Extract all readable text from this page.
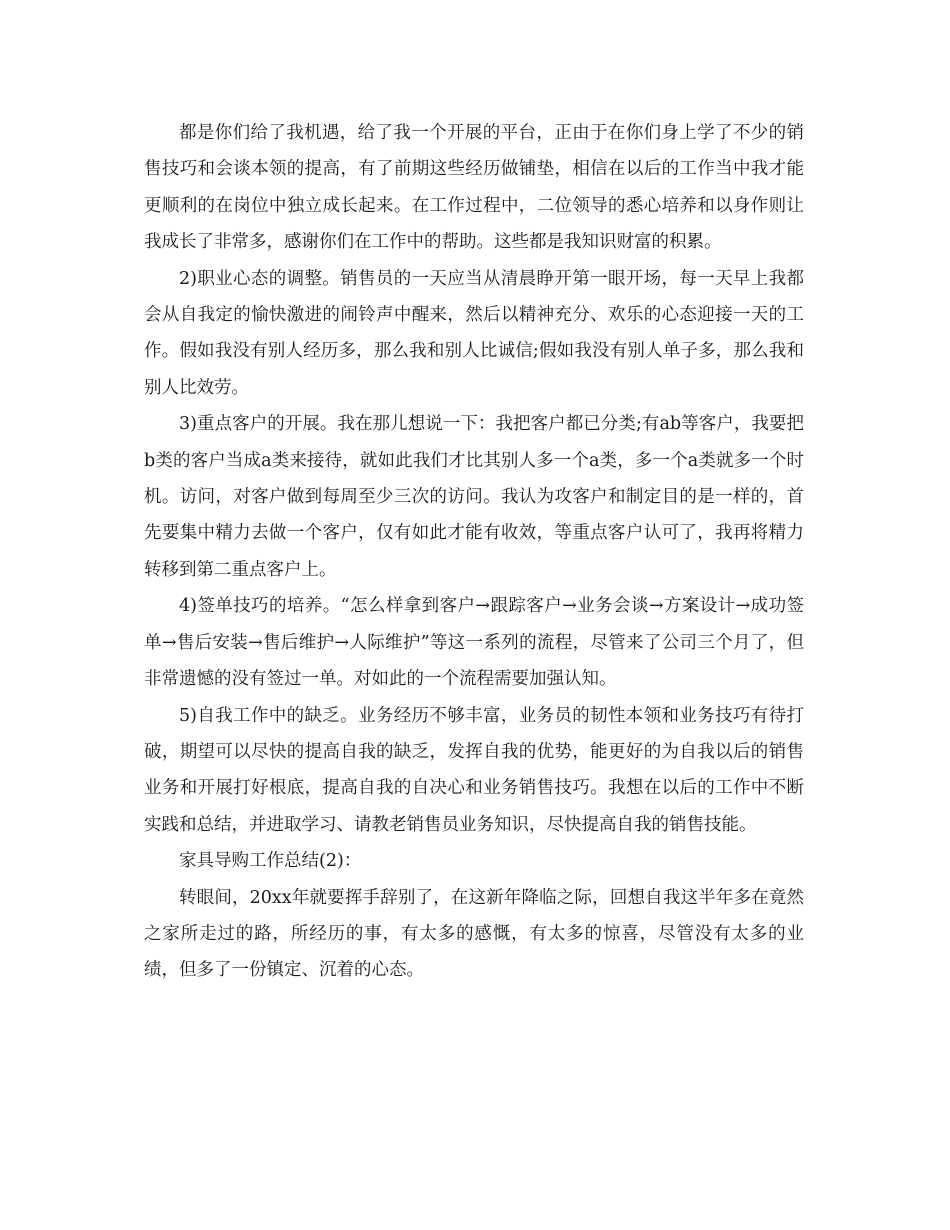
都是你们给了我机遇，给了我一个开展的平台，正由于在你们身上学了不少的销售技巧和会谈本领的提高，有了前期这些经历做铺垫，相信在以后的工作当中我才能更顺利的在岗位中独立成长起来。在工作过程中，二位领导的悉心培养和以身作则让我成长了非常多，感谢你们在工作中的帮助。这些都是我知识财富的积累。

2)职业心态的调整。销售员的一天应当从清晨睁开第一眼开场，每一天早上我都会从自我定的愉快激进的闹铃声中醒来，然后以精神充分、欢乐的心态迎接一天的工作。假如我没有别人经历多，那么我和别人比诚信;假如我没有别人单子多，那么我和别人比效劳。

3)重点客户的开展。我在那儿想说一下：我把客户都已分类;有ab等客户，我要把b类的客户当成a类来接待，就如此我们才比其别人多一个a类，多一个a类就多一个时机。访问，对客户做到每周至少三次的访问。我认为攻客户和制定目的是一样的，首先要集中精力去做一个客户，仅有如此才能有收效，等重点客户认可了，我再将精力转移到第二重点客户上。

4)签单技巧的培养。“怎么样拿到客户→跟踪客户→业务会谈→方案设计→成功签单→售后安装→售后维护→人际维护”等这一系列的流程，尽管来了公司三个月了，但非常遗憾的没有签过一单。对如此的一个流程需要加强认知。

5)自我工作中的缺乏。业务经历不够丰富，业务员的韧性本领和业务技巧有待打破，期望可以尽快的提高自我的缺乏，发挥自我的优势，能更好的为自我以后的销售业务和开展打好根底，提高自我的自决心和业务销售技巧。我想在以后的工作中不断实践和总结，并进取学习、请教老销售员业务知识，尽快提高自我的销售技能。

家具导购工作总结(2)：

转眼间，20xx年就要挥手辞别了，在这新年降临之际，回想自我这半年多在竟然之家所走过的路，所经历的事，有太多的感慨，有太多的惊喜，尽管没有太多的业绩，但多了一份镇定、沉着的心态。
